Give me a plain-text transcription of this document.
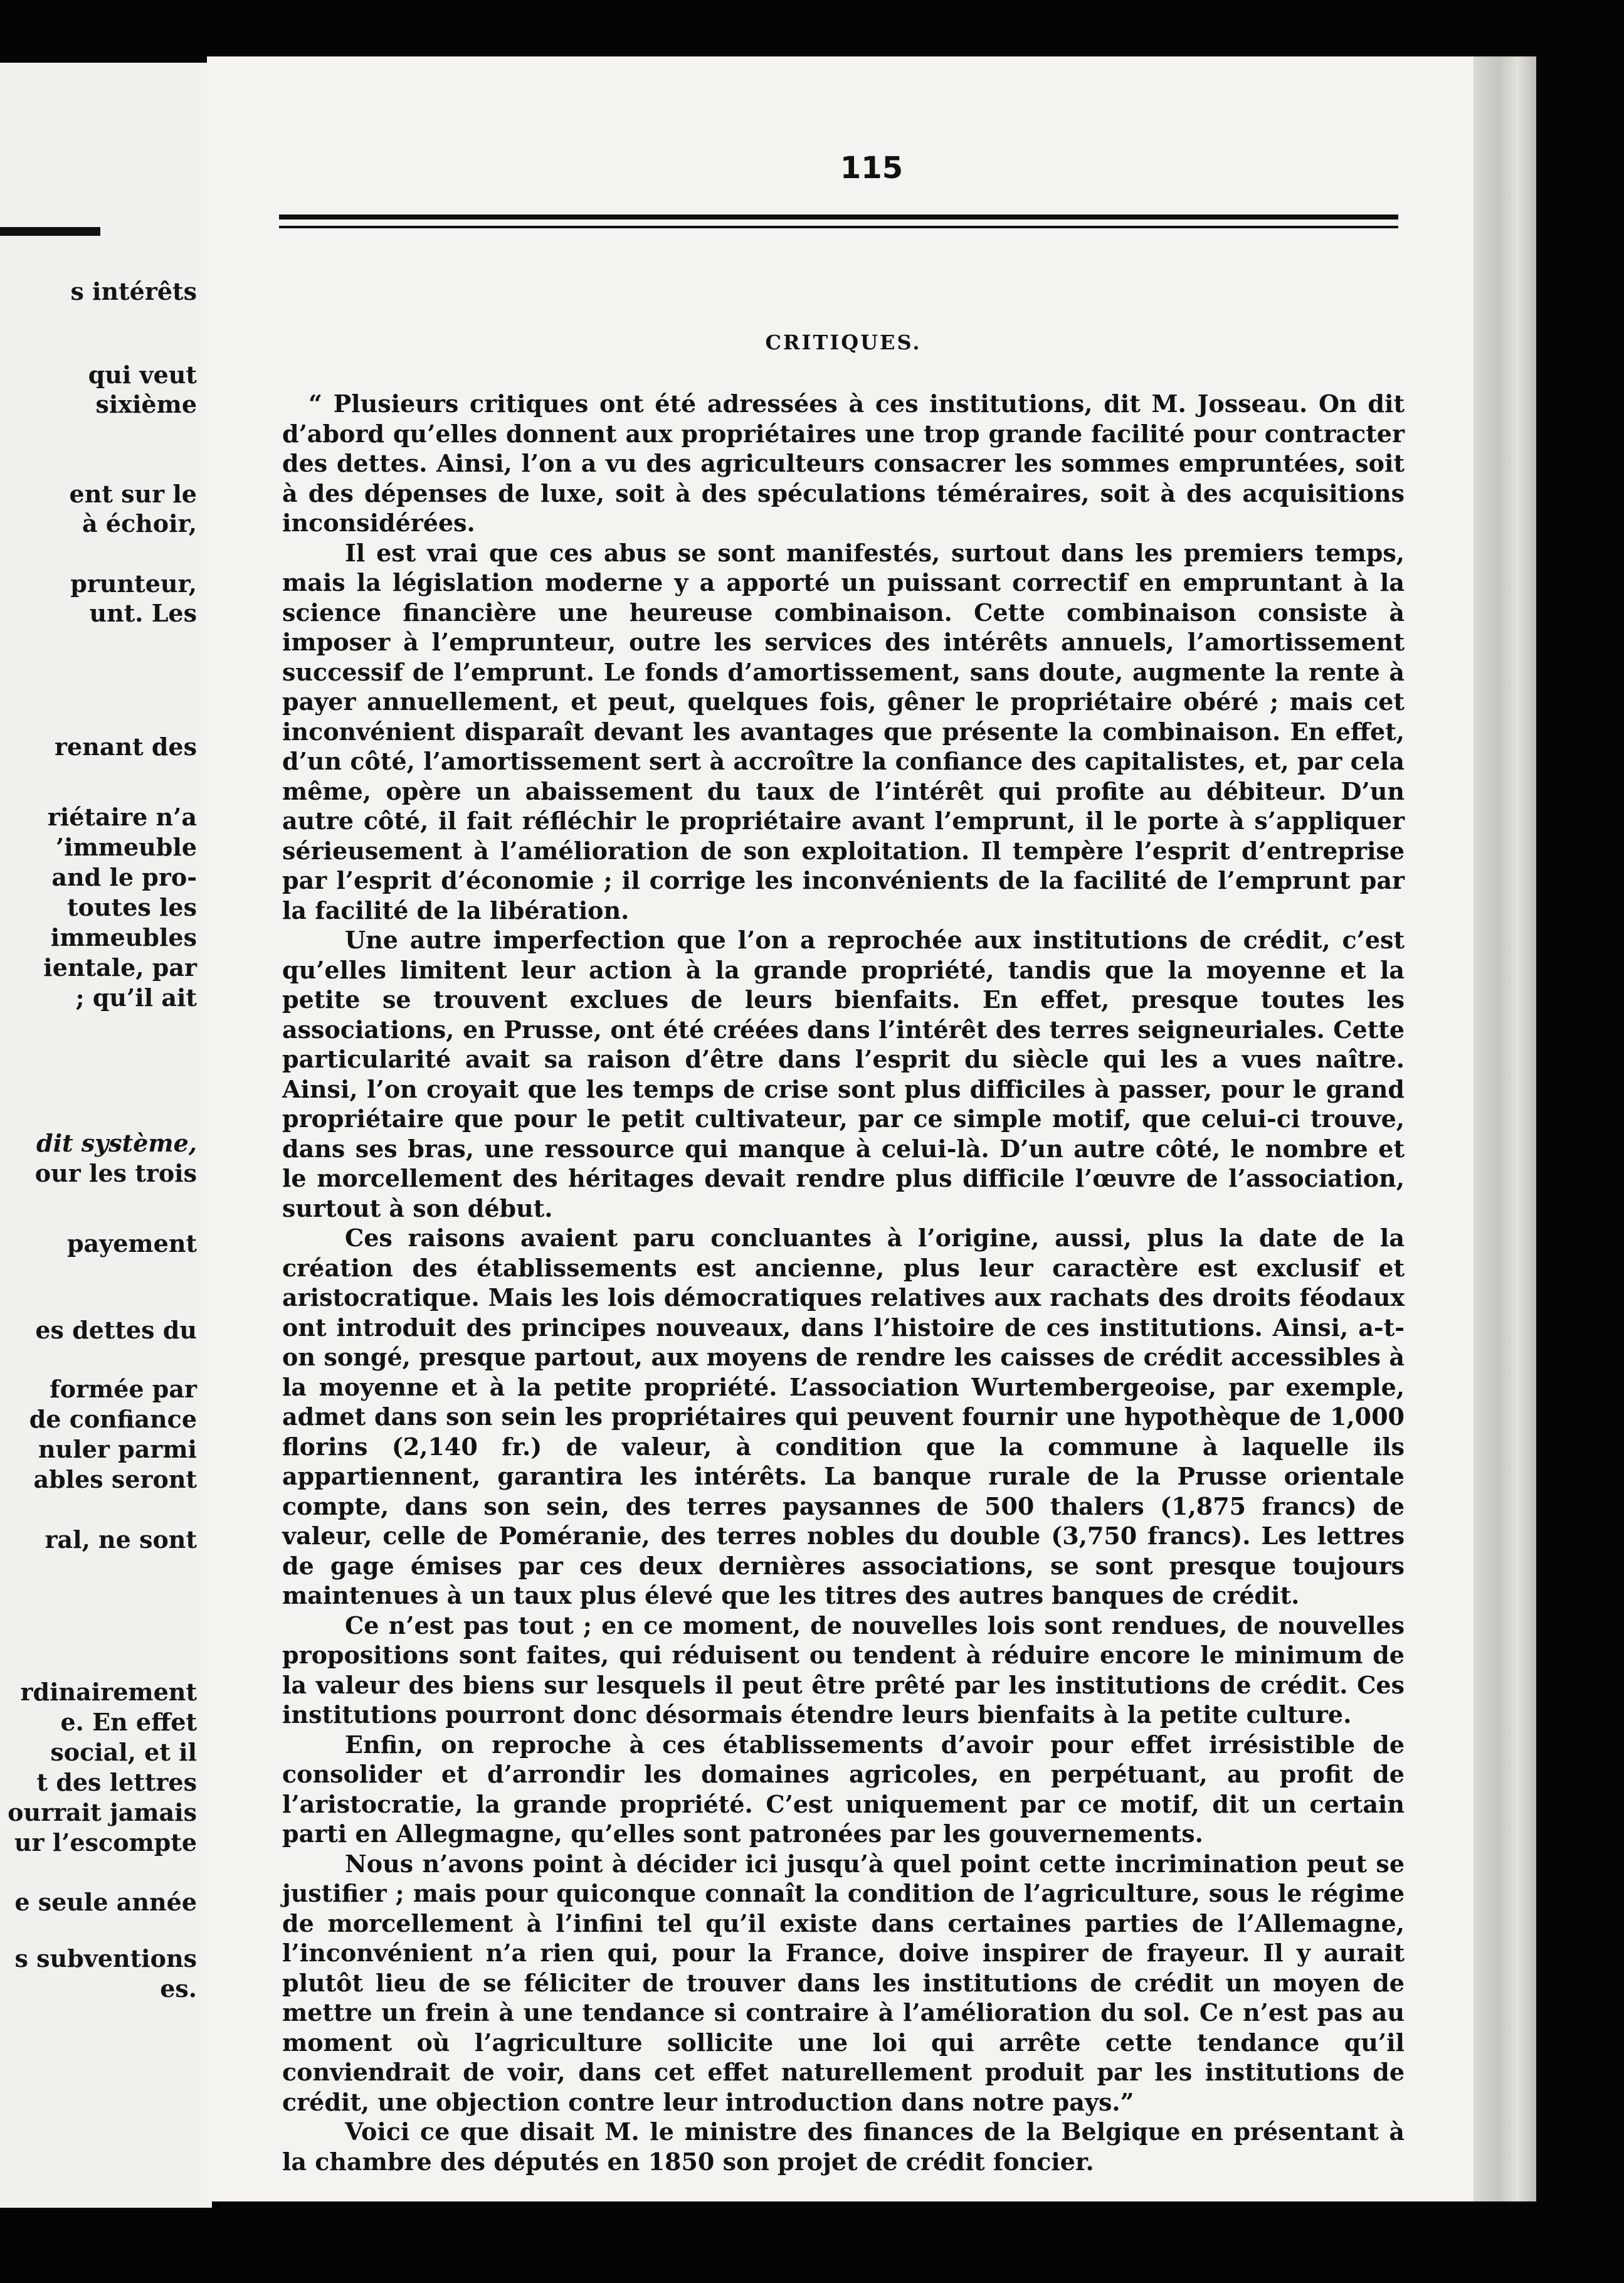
s intérêts

qui veut

sixième

ent sur le

à échoir,

prunteur,

unt. Les

renant des

riétaire n’a

’immeuble

and le pro-

toutes les

immeubles

ientale, par

; qu’il ait

dit système,

our les trois

payement

es dettes du

formée par

de confiance

nuler parmi

ables seront

ral, ne sont

rdinairement

e. En effet

social, et il

t des lettres

ourrait jamais

ur l’escompte

e seule année

s subventions

es.

115
CRITIQUES.

“ Plusieurs critiques ont été adressées à ces institutions, dit M. Josseau. On dit d’abord qu’elles donnent aux propriétaires une trop grande facilité pour contracter des dettes. Ainsi, l’on a vu des agriculteurs consacrer les sommes empruntées, soit à des dépenses de luxe, soit à des spéculations téméraires, soit à des acquisitions inconsidérées.

Il est vrai que ces abus se sont manifestés, surtout dans les premiers temps, mais la législation moderne y a apporté un puissant correctif en empruntant à la science financière une heureuse combinaison. Cette combinaison consiste à imposer à l’emprunteur, outre les services des intérêts annuels, l’amortissement successif de l’emprunt. Le fonds d’amortissement, sans doute, augmente la rente à payer annuellement, et peut, quelques fois, gêner le propriétaire obéré ; mais cet inconvénient disparaît devant les avantages que présente la combinaison. En effet, d’un côté, l’amortissement sert à accroître la confiance des capitalistes, et, par cela même, opère un abaissement du taux de l’intérêt qui profite au débiteur. D’un autre côté, il fait réfléchir le propriétaire avant l’emprunt, il le porte à s’appliquer sérieusement à l’amélioration de son exploitation. Il tempère l’esprit d’entreprise par l’esprit d’économie ; il corrige les inconvénients de la facilité de l’emprunt par la facilité de la libération.

Une autre imperfection que l’on a reprochée aux institutions de crédit, c’est qu’elles limitent leur action à la grande propriété, tandis que la moyenne et la petite se trouvent exclues de leurs bienfaits. En effet, presque toutes les associations, en Prusse, ont été créées dans l’intérêt des terres seigneuriales. Cette particularité avait sa raison d’être dans l’esprit du siècle qui les a vues naître. Ainsi, l’on croyait que les temps de crise sont plus difficiles à passer, pour le grand propriétaire que pour le petit cultivateur, par ce simple motif, que celui-ci trouve, dans ses bras, une ressource qui manque à celui-là. D’un autre côté, le nombre et le morcellement des héritages devait rendre plus difficile l’œuvre de l’association, surtout à son début.

Ces raisons avaient paru concluantes à l’origine, aussi, plus la date de la création des établissements est ancienne, plus leur caractère est exclusif et aristocratique. Mais les lois démocratiques relatives aux rachats des droits féodaux ont introduit des principes nouveaux, dans l’histoire de ces institutions. Ainsi, a-t-on songé, presque partout, aux moyens de rendre les caisses de crédit accessibles à la moyenne et à la petite propriété. L’association Wurtembergeoise, par exemple, admet dans son sein les propriétaires qui peuvent fournir une hypothèque de 1,000 florins (2,140 fr.) de valeur, à condition que la commune à laquelle ils appartiennent, garantira les intérêts. La banque rurale de la Prusse orientale compte, dans son sein, des terres paysannes de 500 thalers (1,875 francs) de valeur, celle de Poméranie, des terres nobles du double (3,750 francs). Les lettres de gage émises par ces deux dernières associations, se sont presque toujours maintenues à un taux plus élevé que les titres des autres banques de crédit.

Ce n’est pas tout ; en ce moment, de nouvelles lois sont rendues, de nouvelles propositions sont faites, qui réduisent ou tendent à réduire encore le minimum de la valeur des biens sur lesquels il peut être prêté par les institutions de crédit. Ces institutions pourront donc désormais étendre leurs bienfaits à la petite culture.

Enfin, on reproche à ces établissements d’avoir pour effet irrésistible de consolider et d’arrondir les domaines agricoles, en perpétuant, au profit de l’aristocratie, la grande propriété. C’est uniquement par ce motif, dit un certain parti en Allegmagne, qu’elles sont patronées par les gouvernements.

Nous n’avons point à décider ici jusqu’à quel point cette incrimination peut se justifier ; mais pour quiconque connaît la condition de l’agriculture, sous le régime de morcellement à l’infini tel qu’il existe dans certaines parties de l’Allemagne, l’inconvénient n’a rien qui, pour la France, doive inspirer de frayeur. Il y aurait plutôt lieu de se féliciter de trouver dans les institutions de crédit un moyen de mettre un frein à une tendance si contraire à l’amélioration du sol. Ce n’est pas au moment où l’agriculture sollicite une loi qui arrête cette tendance qu’il conviendrait de voir, dans cet effet naturellement produit par les institutions de crédit, une objection contre leur introduction dans notre pays.”

Voici ce que disait M. le ministre des finances de la Belgique en présentant à la chambre des députés en 1850 son projet de crédit foncier.
